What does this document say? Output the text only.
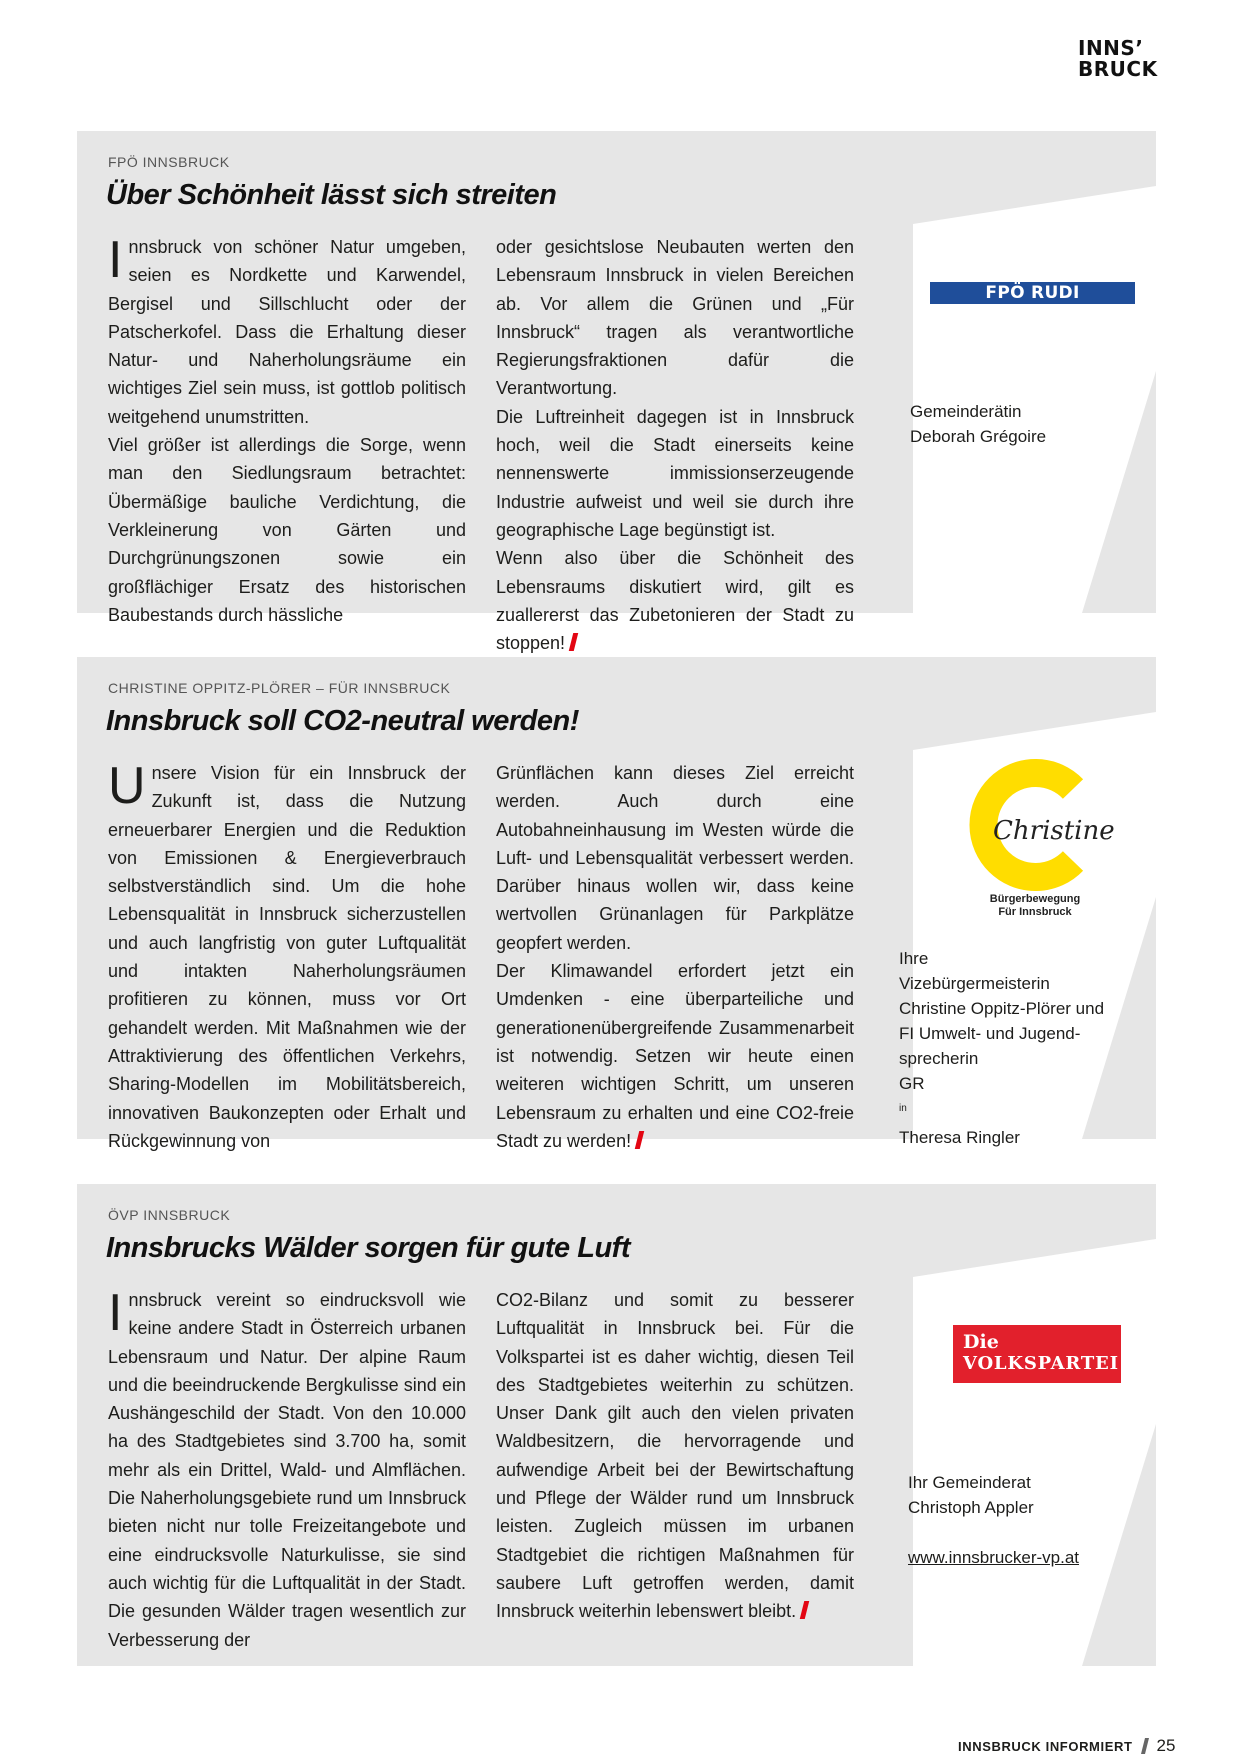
INNS’
BRUCK
FPÖ INNSBRUCK
Über Schönheit lässt sich streiten

Innsbruck von schöner Natur umgeben, seien es Nordkette und Karwendel, Bergisel und Sillschlucht oder der Patscherkofel. Dass die Erhaltung dieser Natur- und Naherholungsräume ein wichtiges Ziel sein muss, ist gottlob politisch weitgehend unumstritten.

Viel größer ist allerdings die Sorge, wenn man den Siedlungsraum betrachtet: Übermäßige bauliche Verdichtung, die Verkleinerung von Gärten und Durchgrünungszonen sowie ein großflächiger Ersatz des historischen Baubestands durch hässliche

oder gesichtslose Neubauten werten den Lebensraum Innsbruck in vielen Bereichen ab. Vor allem die Grünen und „Für Innsbruck“ tragen als verantwortliche Regierungsfraktionen dafür die Verantwortung.

Die Luftreinheit dagegen ist in Innsbruck hoch, weil die Stadt einerseits keine nennenswerte immissionserzeugende Industrie aufweist und weil sie durch ihre geographische Lage begünstigt ist.

Wenn also über die Schönheit des Lebensraums diskutiert wird, gilt es zuallererst das Zubetonieren der Stadt zu stoppen!

FPÖ RUDI FEDERSPIEL
Gemeinderätin
Deborah Grégoire
CHRISTINE OPPITZ-PLÖRER – FÜR INNSBRUCK
Innsbruck soll CO2-neutral werden!

Unsere Vision für ein Innsbruck der Zukunft ist, dass die Nutzung erneuerbarer Energien und die Reduktion von Emissionen & Energieverbrauch selbstverständlich sind. Um die hohe Lebensqualität in Innsbruck sicherzustellen und auch langfristig von guter Luftqualität und intakten Naherholungsräumen profitieren zu können, muss vor Ort gehandelt werden. Mit Maßnahmen wie der Attraktivierung des öffentlichen Verkehrs, Sharing-Modellen im Mobilitätsbereich, innovativen Baukonzepten oder Erhalt und Rückgewinnung von

Grünflächen kann dieses Ziel erreicht werden. Auch durch eine Autobahneinhausung im Westen würde die Luft- und Lebensqualität verbessert werden. Darüber hinaus wollen wir, dass keine wertvollen Grünanlagen für Parkplätze geopfert werden.

Der Klimawandel erfordert jetzt ein Umdenken - eine überparteiliche und generationenübergreifende Zusammenarbeit ist notwendig. Setzen wir heute einen weiteren wichtigen Schritt, um unseren Lebensraum zu erhalten und eine CO2-freie Stadt zu werden!

Christine
Bürgerbewegung
Für Innsbruck
Ihre
Vizebürgermeisterin
Christine Oppitz-Plörer und
FI Umwelt- und Jugend-
sprecherin
GR
$^{in}$
Theresa Ringler
ÖVP INNSBRUCK
Innsbrucks Wälder sorgen für gute Luft

Innsbruck vereint so eindrucksvoll wie keine andere Stadt in Österreich urbanen Lebensraum und Natur. Der alpine Raum und die beeindruckende Bergkulisse sind ein Aushängeschild der Stadt. Von den 10.000 ha des Stadtgebietes sind 3.700 ha, somit mehr als ein Drittel, Wald- und Almflächen. Die Naherholungsgebiete rund um Innsbruck bieten nicht nur tolle Freizeitangebote und eine eindrucksvolle Naturkulisse, sie sind auch wichtig für die Luftqualität in der Stadt. Die gesunden Wälder tragen wesentlich zur Verbesserung der

CO2-Bilanz und somit zu besserer Luftqualität in Innsbruck bei. Für die Volkspartei ist es daher wichtig, diesen Teil des Stadtgebietes weiterhin zu schützen. Unser Dank gilt auch den vielen privaten Waldbesitzern, die hervorragende und aufwendige Arbeit bei der Bewirtschaftung und Pflege der Wälder rund um Innsbruck leisten. Zugleich müssen im urbanen Stadtgebiet die richtigen Maßnahmen für saubere Luft getroffen werden, damit Innsbruck weiterhin lebenswert bleibt.

Die
VOLKSPARTEI
Ihr Gemeinderat
Christoph Appler
www.innsbrucker-vp.at
INNSBRUCK INFORMIERT 25
